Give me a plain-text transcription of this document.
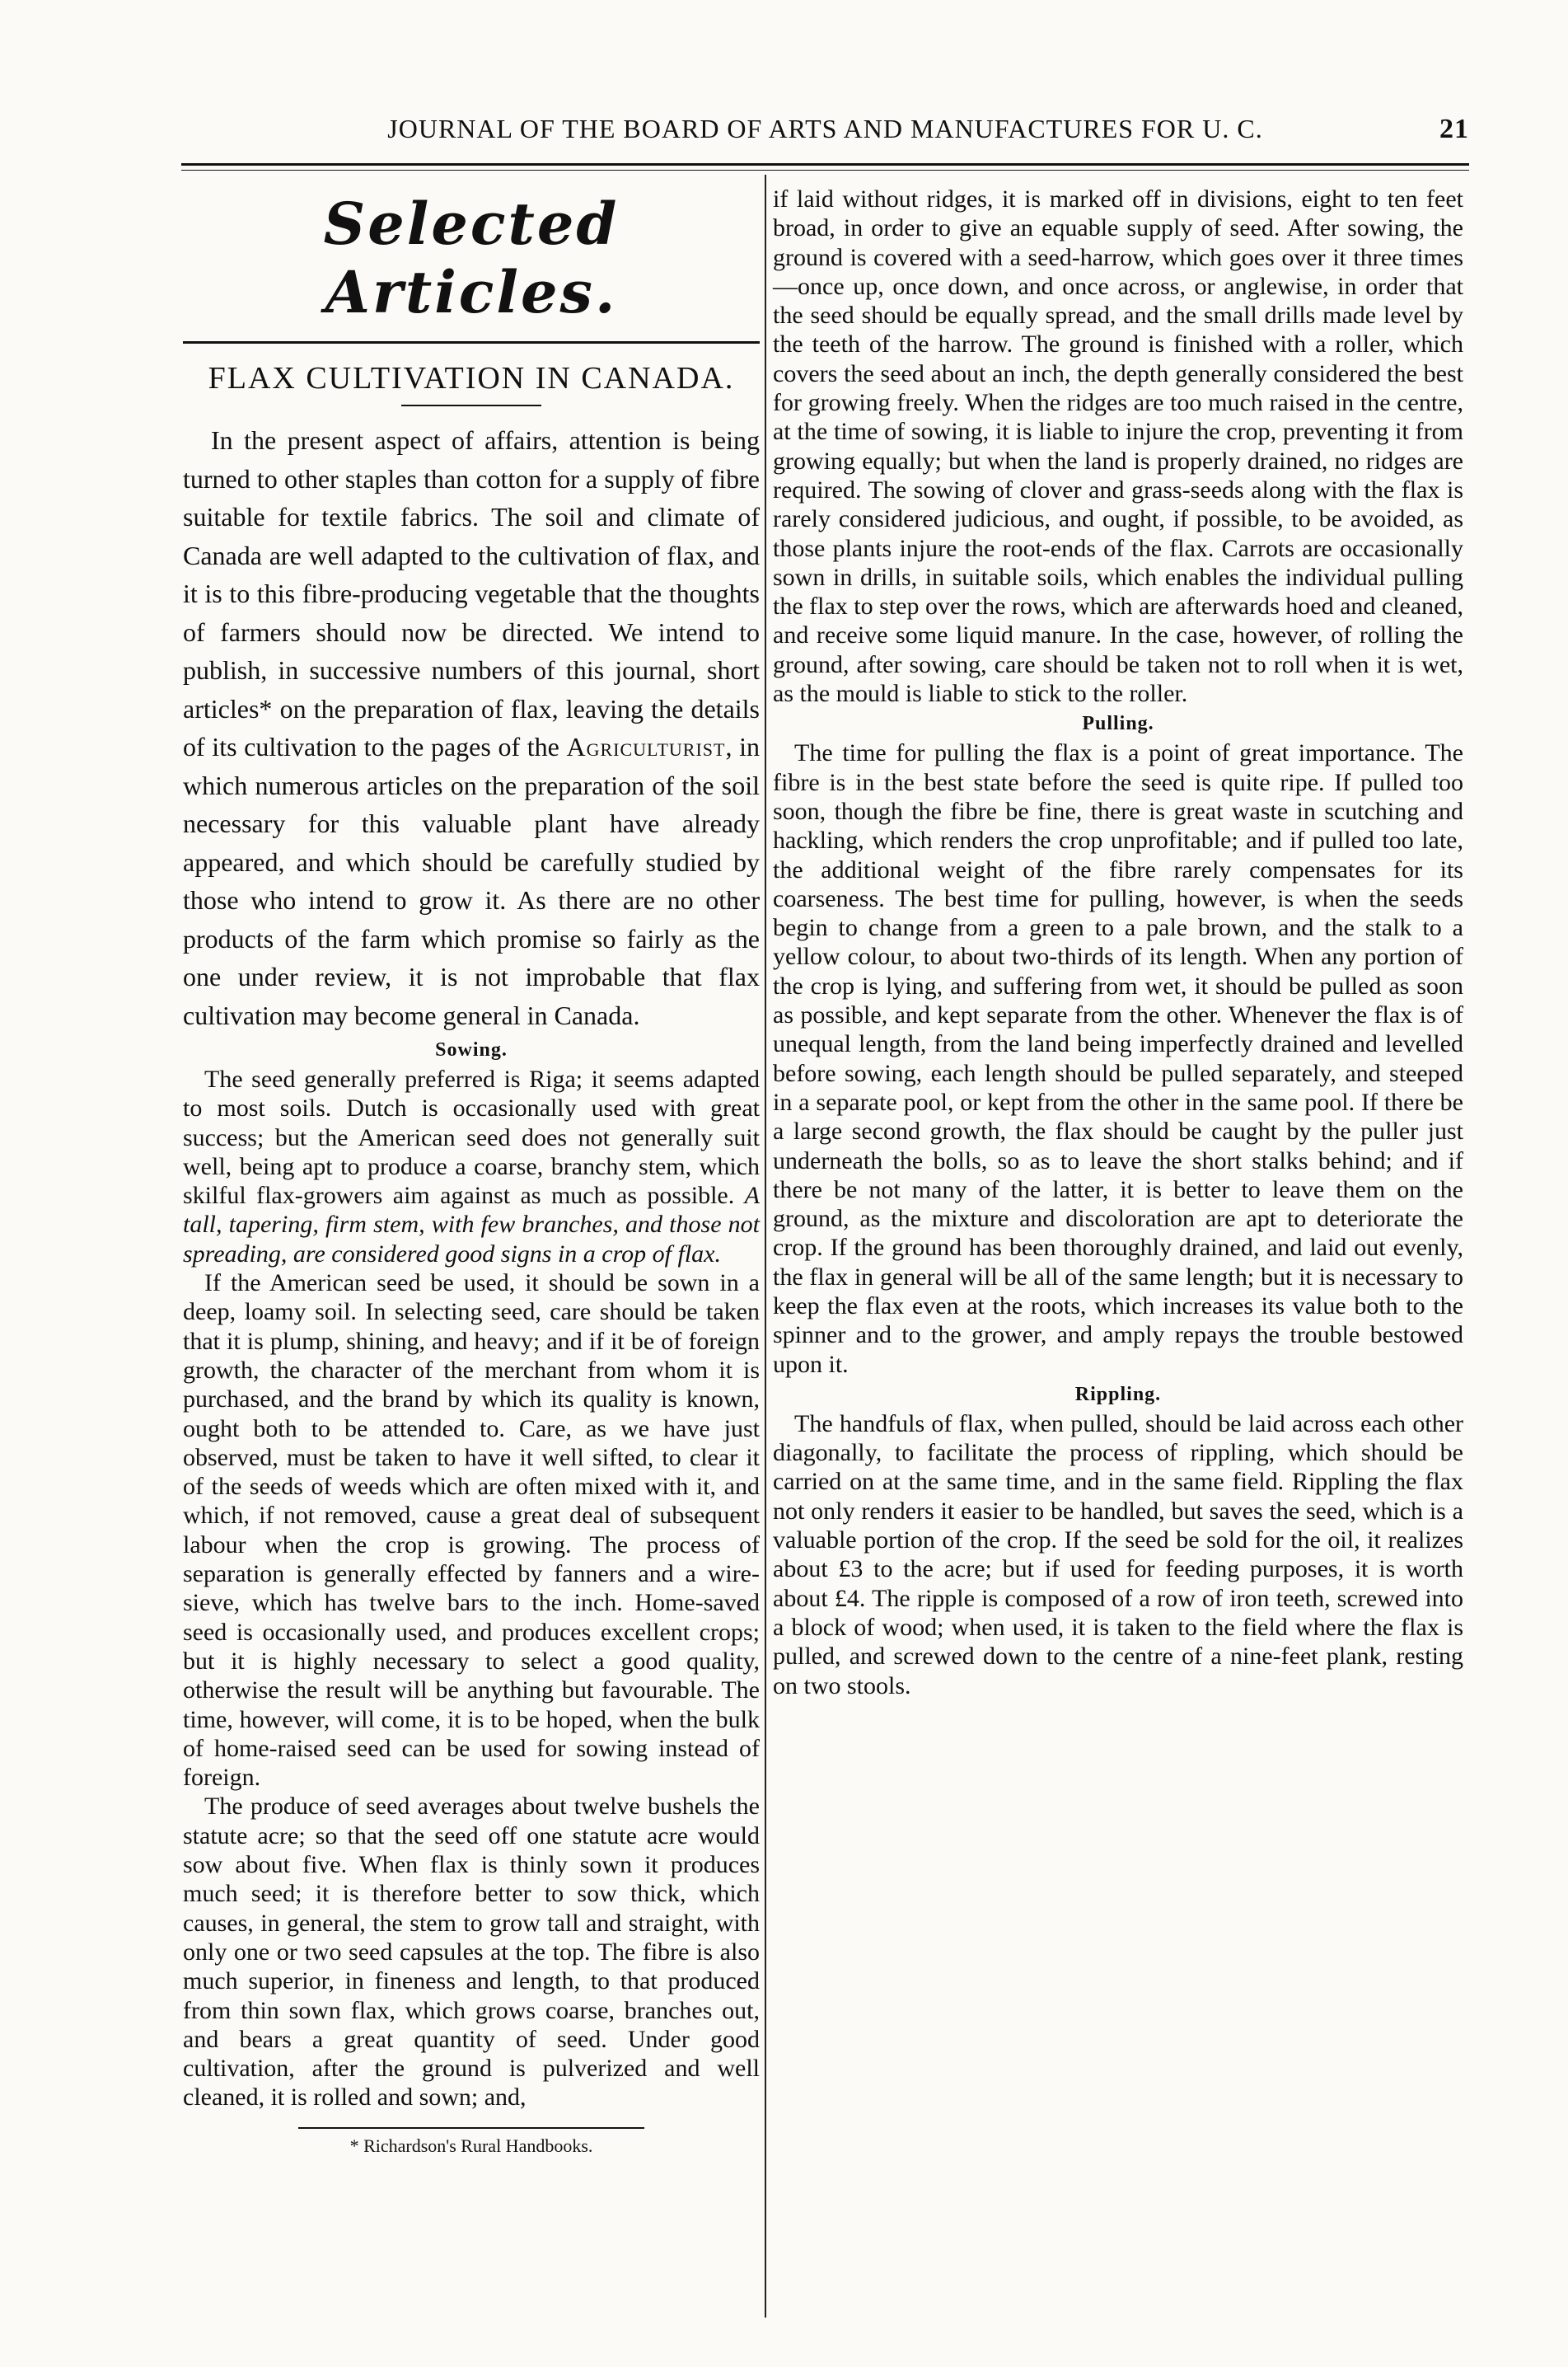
JOURNAL OF THE BOARD OF ARTS AND MANUFACTURES FOR U. C.	21
Selected Articles.
FLAX CULTIVATION IN CANADA.

In the present aspect of affairs, attention is being turned to other staples than cotton for a supply of fibre suitable for textile fabrics. The soil and climate of Canada are well adapted to the cultivation of flax, and it is to this fibre-producing vegetable that the thoughts of farmers should now be directed. We intend to publish, in successive numbers of this journal, short articles* on the preparation of flax, leaving the details of its cultivation to the pages of the Agriculturist, in which numerous articles on the preparation of the soil necessary for this valuable plant have already appeared, and which should be carefully studied by those who intend to grow it. As there are no other products of the farm which promise so fairly as the one under review, it is not improbable that flax cultivation may become general in Canada.

Sowing.

The seed generally preferred is Riga; it seems adapted to most soils. Dutch is occasionally used with great success; but the American seed does not generally suit well, being apt to produce a coarse, branchy stem, which skilful flax-growers aim against as much as possible. A tall, tapering, firm stem, with few branches, and those not spreading, are considered good signs in a crop of flax.

If the American seed be used, it should be sown in a deep, loamy soil. In selecting seed, care should be taken that it is plump, shining, and heavy; and if it be of foreign growth, the character of the merchant from whom it is purchased, and the brand by which its quality is known, ought both to be attended to. Care, as we have just observed, must be taken to have it well sifted, to clear it of the seeds of weeds which are often mixed with it, and which, if not removed, cause a great deal of subsequent labour when the crop is growing. The process of separation is generally effected by fanners and a wire-sieve, which has twelve bars to the inch. Home-saved seed is occasionally used, and produces excellent crops; but it is highly necessary to select a good quality, otherwise the result will be anything but favourable. The time, however, will come, it is to be hoped, when the bulk of home-raised seed can be used for sowing instead of foreign.

The produce of seed averages about twelve bushels the statute acre; so that the seed off one statute acre would sow about five. When flax is thinly sown it produces much seed; it is therefore better to sow thick, which causes, in general, the stem to grow tall and straight, with only one or two seed capsules at the top. The fibre is also much superior, in fineness and length, to that produced from thin sown flax, which grows coarse, branches out, and bears a great quantity of seed. Under good cultivation, after the ground is pulverized and well cleaned, it is rolled and sown; and,

* Richardson's Rural Handbooks.

if laid without ridges, it is marked off in divisions, eight to ten feet broad, in order to give an equable supply of seed. After sowing, the ground is covered with a seed-harrow, which goes over it three times—once up, once down, and once across, or anglewise, in order that the seed should be equally spread, and the small drills made level by the teeth of the harrow. The ground is finished with a roller, which covers the seed about an inch, the depth generally considered the best for growing freely. When the ridges are too much raised in the centre, at the time of sowing, it is liable to injure the crop, preventing it from growing equally; but when the land is properly drained, no ridges are required. The sowing of clover and grass-seeds along with the flax is rarely considered judicious, and ought, if possible, to be avoided, as those plants injure the root-ends of the flax. Carrots are occasionally sown in drills, in suitable soils, which enables the individual pulling the flax to step over the rows, which are afterwards hoed and cleaned, and receive some liquid manure. In the case, however, of rolling the ground, after sowing, care should be taken not to roll when it is wet, as the mould is liable to stick to the roller.

Pulling.

The time for pulling the flax is a point of great importance. The fibre is in the best state before the seed is quite ripe. If pulled too soon, though the fibre be fine, there is great waste in scutching and hackling, which renders the crop unprofitable; and if pulled too late, the additional weight of the fibre rarely compensates for its coarseness. The best time for pulling, however, is when the seeds begin to change from a green to a pale brown, and the stalk to a yellow colour, to about two-thirds of its length. When any portion of the crop is lying, and suffering from wet, it should be pulled as soon as possible, and kept separate from the other. Whenever the flax is of unequal length, from the land being imperfectly drained and levelled before sowing, each length should be pulled separately, and steeped in a separate pool, or kept from the other in the same pool. If there be a large second growth, the flax should be caught by the puller just underneath the bolls, so as to leave the short stalks behind; and if there be not many of the latter, it is better to leave them on the ground, as the mixture and discoloration are apt to deteriorate the crop. If the ground has been thoroughly drained, and laid out evenly, the flax in general will be all of the same length; but it is necessary to keep the flax even at the roots, which increases its value both to the spinner and to the grower, and amply repays the trouble bestowed upon it.

Rippling.

The handfuls of flax, when pulled, should be laid across each other diagonally, to facilitate the process of rippling, which should be carried on at the same time, and in the same field. Rippling the flax not only renders it easier to be handled, but saves the seed, which is a valuable portion of the crop. If the seed be sold for the oil, it realizes about £3 to the acre; but if used for feeding purposes, it is worth about £4. The ripple is composed of a row of iron teeth, screwed into a block of wood; when used, it is taken to the field where the flax is pulled, and screwed down to the centre of a nine-feet plank, resting on two stools.
